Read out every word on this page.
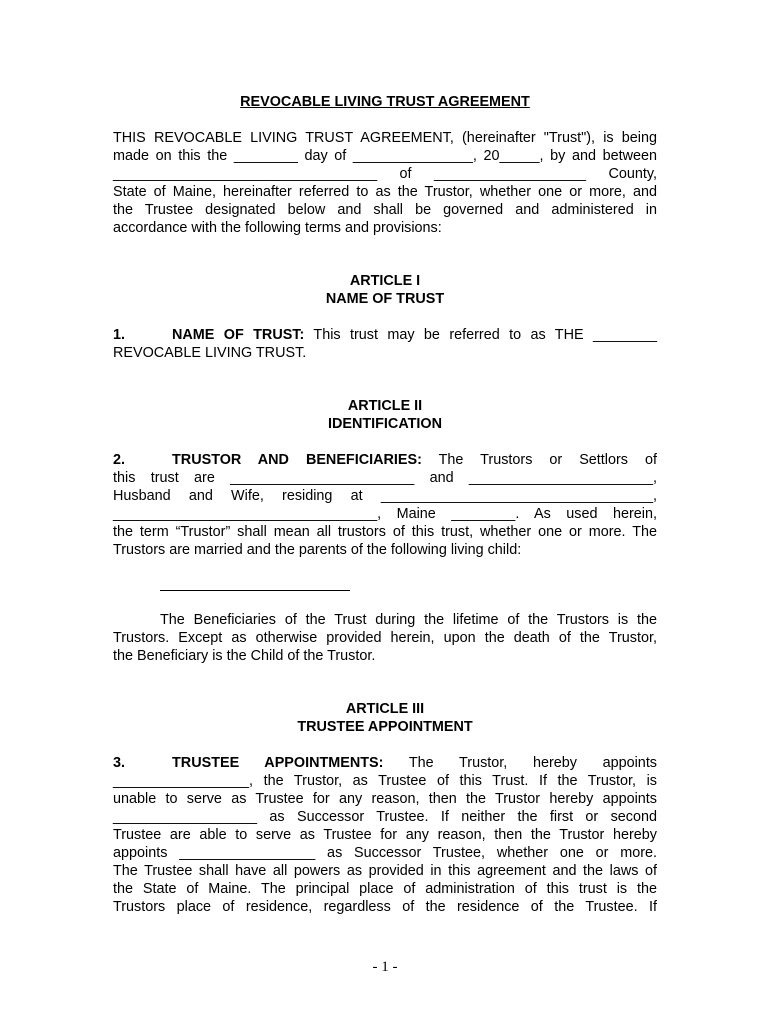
REVOCABLE LIVING TRUST AGREEMENT
THIS REVOCABLE LIVING TRUST AGREEMENT, (hereinafter "Trust"), is being
made on this the ________ day of _______________, 20_____, by and between
_________________________________ of ___________________ County,
State of Maine, hereinafter referred to as the Trustor, whether one or more, and
the Trustee designated below and shall be governed and administered in
accordance with the following terms and provisions:
ARTICLE I
NAME OF TRUST
1.	NAME OF TRUST: This trust may be referred to as THE ________
REVOCABLE LIVING TRUST.
ARTICLE II
IDENTIFICATION
2.	TRUSTOR AND BENEFICIARIES: The Trustors or Settlors of
this trust are _______________________ and _______________________,
Husband and Wife, residing at __________________________________,
_________________________________, Maine ________. As used herein,
the term “Trustor” shall mean all trustors of this trust, whether one or more. The
Trustors are married and the parents of the following living child:
The Beneficiaries of the Trust during the lifetime of the Trustors is the
Trustors. Except as otherwise provided herein, upon the death of the Trustor,
the Beneficiary is the Child of the Trustor.
ARTICLE III
TRUSTEE APPOINTMENT
3.	TRUSTEE APPOINTMENTS: The Trustor, hereby appoints
_________________, the Trustor, as Trustee of this Trust. If the Trustor, is
unable to serve as Trustee for any reason, then the Trustor hereby appoints
__________________ as Successor Trustee. If neither the first or second
Trustee are able to serve as Trustee for any reason, then the Trustor hereby
appoints _________________ as Successor Trustee, whether one or more.
The Trustee shall have all powers as provided in this agreement and the laws of
the State of Maine. The principal place of administration of this trust is the
Trustors place of residence, regardless of the residence of the Trustee. If
- 1 -
